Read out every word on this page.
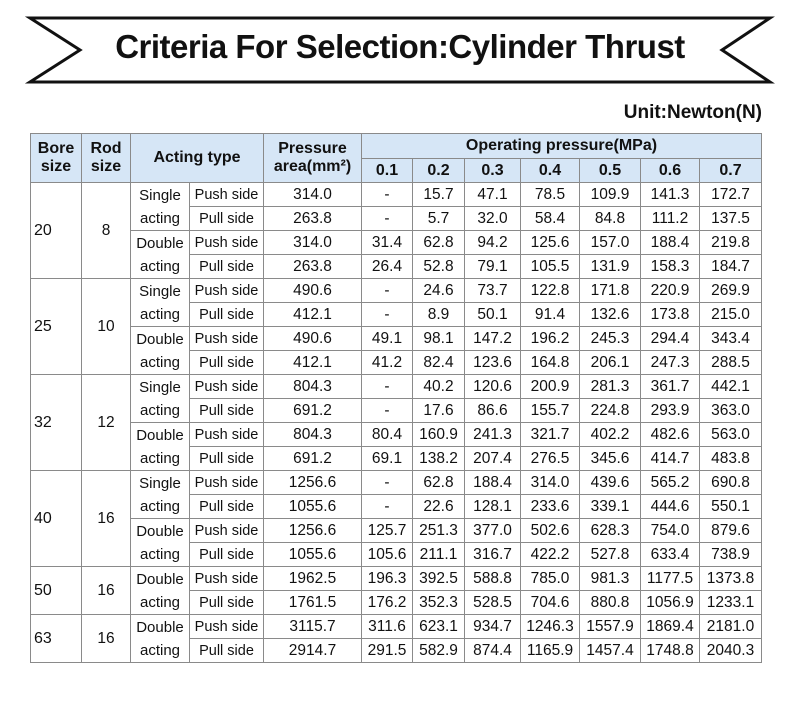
Criteria For Selection:Cylinder Thrust
Unit:Newton(N)
Bore
size	Rod
size	Acting type		Pressure
area(mm²)	Operating pressure(MPa)						
					0.1	0.2	0.3	0.4	0.5	0.6	0.7
20	8	Single
acting	Push side	314.0	-	15.7	47.1	78.5	109.9	141.3	172.7
			Pull side	263.8	-	5.7	32.0	58.4	84.8	111.2	137.5
		Double
acting	Push side	314.0	31.4	62.8	94.2	125.6	157.0	188.4	219.8
			Pull side	263.8	26.4	52.8	79.1	105.5	131.9	158.3	184.7
25	10	Single
acting	Push side	490.6	-	24.6	73.7	122.8	171.8	220.9	269.9
			Pull side	412.1	-	8.9	50.1	91.4	132.6	173.8	215.0
		Double
acting	Push side	490.6	49.1	98.1	147.2	196.2	245.3	294.4	343.4
			Pull side	412.1	41.2	82.4	123.6	164.8	206.1	247.3	288.5
32	12	Single
acting	Push side	804.3	-	40.2	120.6	200.9	281.3	361.7	442.1
			Pull side	691.2	-	17.6	86.6	155.7	224.8	293.9	363.0
		Double
acting	Push side	804.3	80.4	160.9	241.3	321.7	402.2	482.6	563.0
			Pull side	691.2	69.1	138.2	207.4	276.5	345.6	414.7	483.8
40	16	Single
acting	Push side	1256.6	-	62.8	188.4	314.0	439.6	565.2	690.8
			Pull side	1055.6	-	22.6	128.1	233.6	339.1	444.6	550.1
		Double
acting	Push side	1256.6	125.7	251.3	377.0	502.6	628.3	754.0	879.6
			Pull side	1055.6	105.6	211.1	316.7	422.2	527.8	633.4	738.9
50	16	Double
acting	Push side	1962.5	196.3	392.5	588.8	785.0	981.3	1177.5	1373.8
			Pull side	1761.5	176.2	352.3	528.5	704.6	880.8	1056.9	1233.1
63	16	Double
acting	Push side	3115.7	311.6	623.1	934.7	1246.3	1557.9	1869.4	2181.0
			Pull side	2914.7	291.5	582.9	874.4	1165.9	1457.4	1748.8	2040.3
